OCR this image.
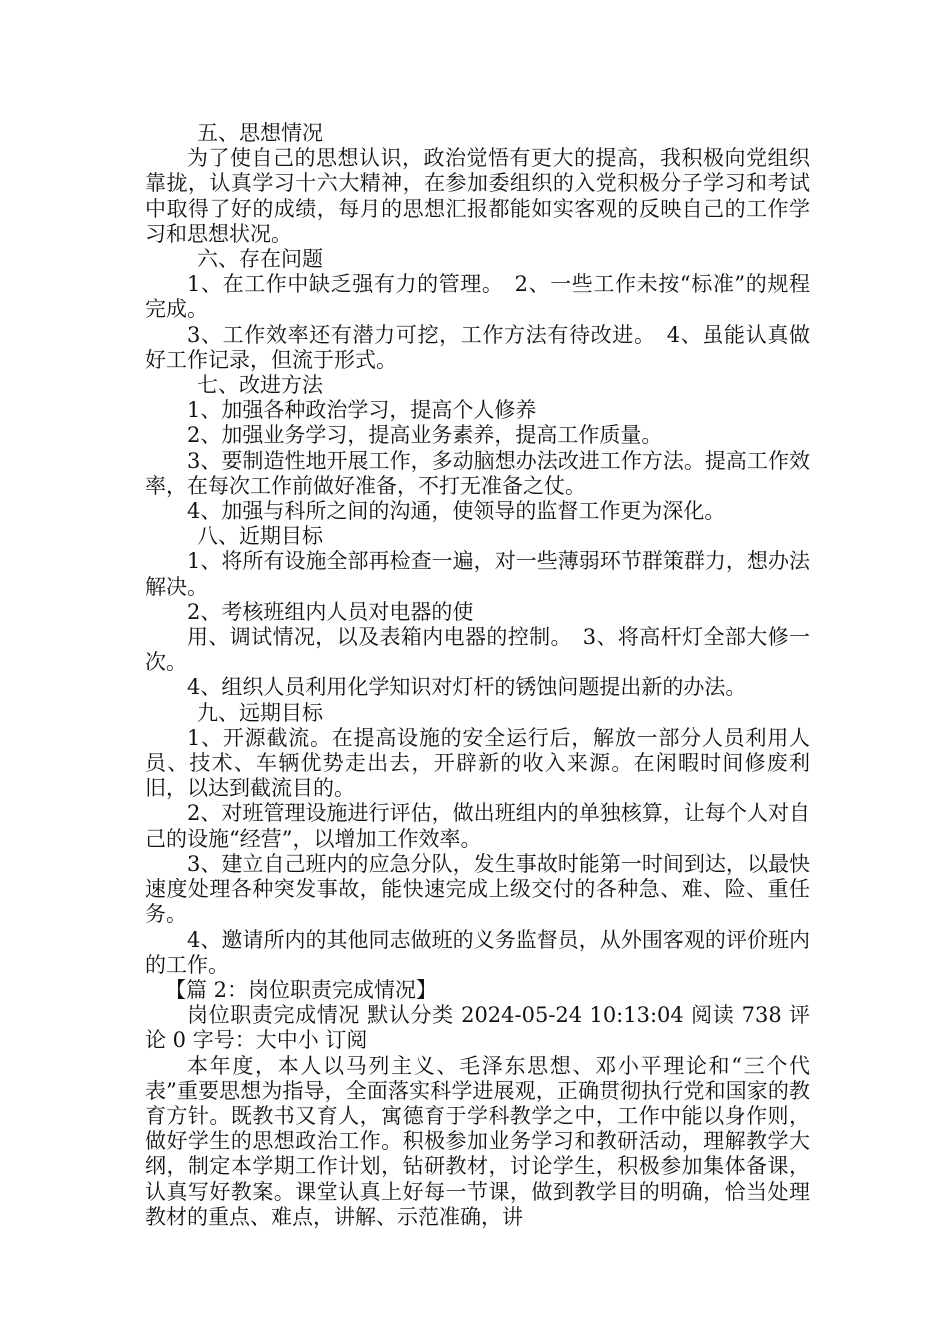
五、思想情况

为了使自己的思想认识，政治觉悟有更大的提高，我积极向党组织靠拢，认真学习十六大精神，在参加委组织的入党积极分子学习和考试中取得了好的成绩，每月的思想汇报都能如实客观的反映自己的工作学习和思想状况。

六、存在问题

1、在工作中缺乏强有力的管理。　2、一些工作未按“标准”的规程完成。

3、工作效率还有潜力可挖，工作方法有待改进。　4、虽能认真做好工作记录，但流于形式。

七、改进方法

1、加强各种政治学习，提高个人修养

2、加强业务学习，提高业务素养，提高工作质量。

3、要制造性地开展工作，多动脑想办法改进工作方法。提高工作效率，在每次工作前做好准备，不打无准备之仗。

4、加强与科所之间的沟通，使领导的监督工作更为深化。

八、近期目标

1、将所有设施全部再检查一遍，对一些薄弱环节群策群力，想办法解决。

2、考核班组内人员对电器的使

用、调试情况，以及表箱内电器的控制。　3、将高杆灯全部大修一次。

4、组织人员利用化学知识对灯杆的锈蚀问题提出新的办法。

九、远期目标

1、开源截流。在提高设施的安全运行后，解放一部分人员利用人员、技术、车辆优势走出去，开辟新的收入来源。在闲暇时间修废利旧，以达到截流目的。

2、对班管理设施进行评估，做出班组内的单独核算，让每个人对自己的设施“经营”，以增加工作效率。

3、建立自己班内的应急分队，发生事故时能第一时间到达，以最快速度处理各种突发事故，能快速完成上级交付的各种急、难、险、重任务。

4、邀请所内的其他同志做班的义务监督员，从外围客观的评价班内的工作。

【篇 2：岗位职责完成情况】

岗位职责完成情况 默认分类 2024-05-24 10:13:04 阅读 738 评论 0 字号：大中小 订阅

本年度，本人以马列主义、毛泽东思想、邓小平理论和“三个代表”重要思想为指导，全面落实科学进展观，正确贯彻执行党和国家的教育方针。既教书又育人，寓德育于学科教学之中，工作中能以身作则，做好学生的思想政治工作。积极参加业务学习和教研活动，理解教学大纲，制定本学期工作计划，钻研教材，讨论学生，积极参加集体备课，认真写好教案。课堂认真上好每一节课，做到教学目的明确，恰当处理教材的重点、难点，讲解、示范准确，讲
